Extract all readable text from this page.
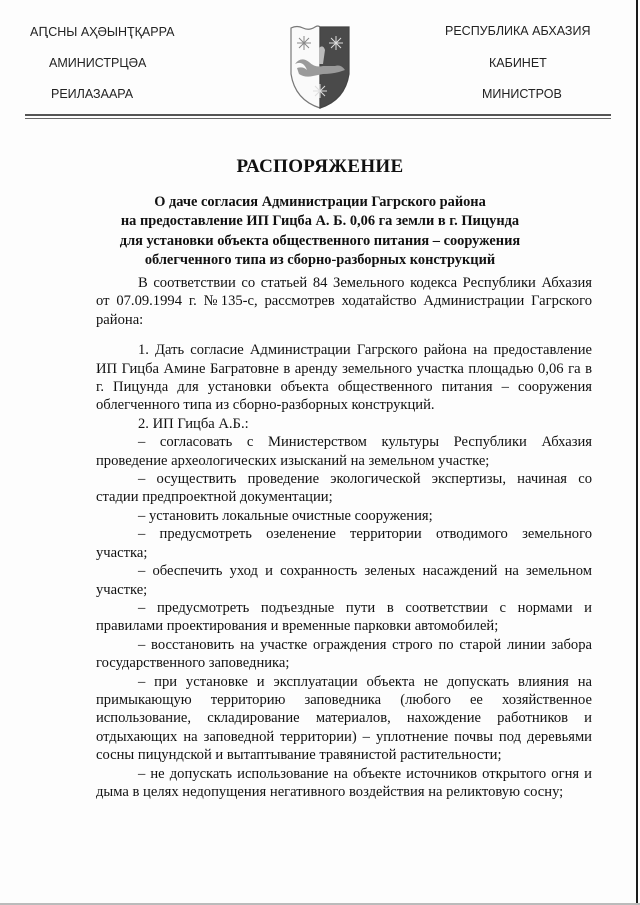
АԤСНЫ АҲӘЫНҬҚАРРА
АМИНИСТРЦӘА
РЕИЛАЗААРА
РЕСПУБЛИКА АБХАЗИЯ
КАБИНЕТ
МИНИСТРОВ
РАСПОРЯЖЕНИЕ
О даче согласия Администрации Гагрского района
на предоставление ИП Гицба А. Б. 0,06 га земли в г. Пицунда
для установки объекта общественного питания – сооружения
облегченного типа из сборно-разборных конструкций

В соответствии со статьей 84 Земельного кодекса Республики Абхазия от 07.09.1994 г. №135-с, рассмотрев ходатайство Администрации Гагрского района:

1. Дать согласие Администрации Гагрского района на предоставление ИП Гицба Амине Багратовне в аренду земельного участка площадью 0,06 га в г. Пицунда для установки объекта общественного питания – сооружения облегченного типа из сборно-разборных конструкций.

2. ИП Гицба А.Б.:

– согласовать с Министерством культуры Республики Абхазия проведение археологических изысканий на земельном участке;

– осуществить проведение экологической экспертизы, начиная со стадии предпроектной документации;

– установить локальные очистные сооружения;

– предусмотреть озеленение территории отводимого земельного участка;

– обеспечить уход и сохранность зеленых насаждений на земельном участке;

– предусмотреть подъездные пути в соответствии с нормами и правилами проектирования и временные парковки автомобилей;

– восстановить на участке ограждения строго по старой линии забора государственного заповедника;

– при установке и эксплуатации объекта не допускать влияния на примыкающую территорию заповедника (любого ее хозяйственное использование, складирование материалов, нахождение работников и отдыхающих на заповедной территории) – уплотнение почвы под деревьями сосны пицундской и вытаптывание травянистой растительности;

– не допускать использование на объекте источников открытого огня и дыма в целях недопущения негативного воздействия на реликтовую сосну;
